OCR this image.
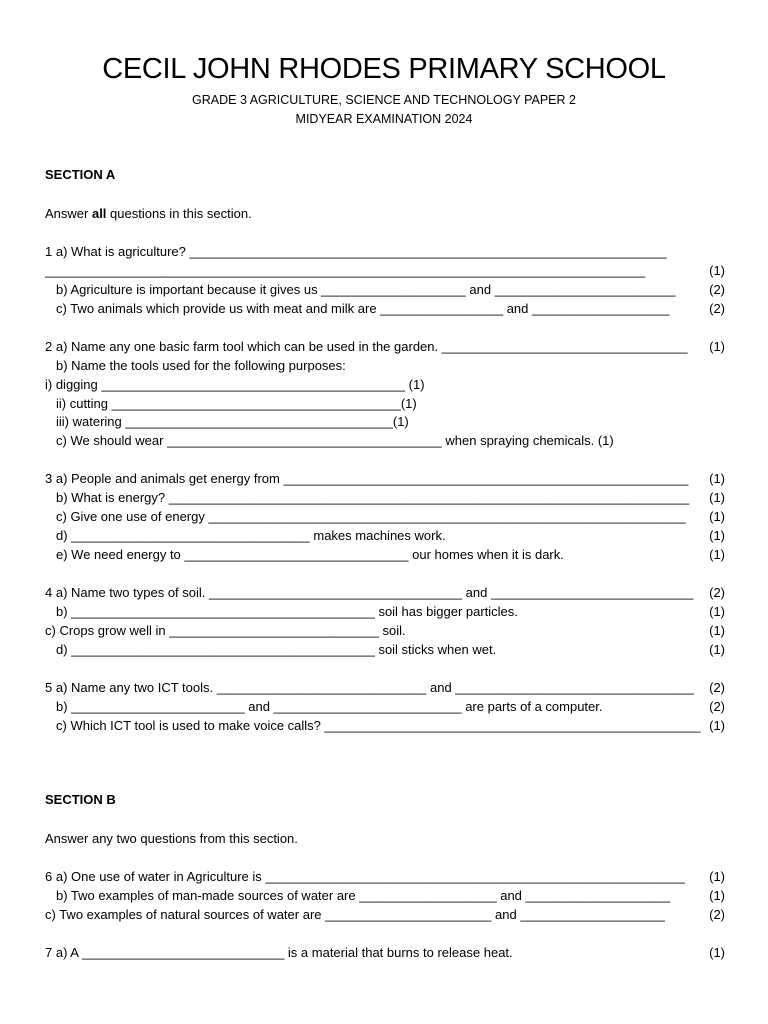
CECIL JOHN RHODES PRIMARY SCHOOL
GRADE 3 AGRICULTURE, SCIENCE AND TECHNOLOGY PAPER 2
MIDYEAR EXAMINATION 2024
SECTION A
Answer all questions in this section.
1 a) What is agriculture? __________________________________________________________________
___________________________________________________________________________________	(1)
b) Agriculture is important because it gives us ____________________ and _________________________	(2)
c) Two animals which provide us with meat and milk are _________________ and ___________________	(2)
2 a) Name any one basic farm tool which can be used in the garden. __________________________________ (1)
b) Name the tools used for the following purposes:
i) digging __________________________________________ (1)
ii) cutting ________________________________________(1)
iii) watering _____________________________________(1)
c) We should wear ______________________________________ when spraying chemicals. (1)
3 a) People and animals get energy from ________________________________________________________ (1)
b) What is energy? ________________________________________________________________________ (1)
c) Give one use of energy __________________________________________________________________ (1)
d) _________________________________ makes machines work.	(1)
e) We need energy to _______________________________ our homes when it is dark.	(1)
4 a) Name two types of soil. ___________________________________ and ____________________________ (2)
b) __________________________________________ soil has bigger particles.	(1)
c) Crops grow well in _____________________________ soil.	(1)
d) __________________________________________ soil sticks when wet.	(1)
5 a) Name any two ICT tools. _____________________________ and _________________________________ (2)
b) ________________________ and __________________________ are parts of a computer.	(2)
c) Which ICT tool is used to make voice calls? ____________________________________________________ (1)
SECTION B
Answer any two questions from this section.
6 a) One use of water in Agriculture is __________________________________________________________ (1)
b) Two examples of man-made sources of water are ___________________ and ____________________	(1)
c) Two examples of natural sources of water are _______________________ and ____________________	(2)
7 a) A ____________________________ is a material that burns to release heat.	(1)
